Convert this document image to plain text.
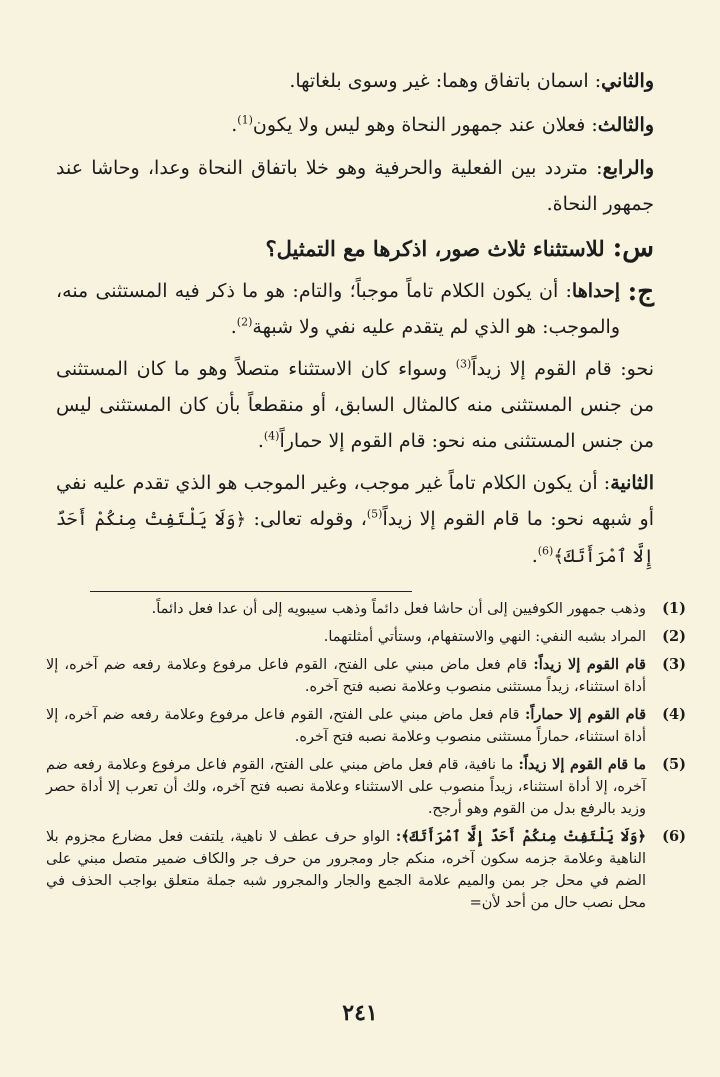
والثاني: اسمان باتفاق وهما: غير وسوى بلغاتها.

والثالث: فعلان عند جمهور النحاة وهو ليس ولا يكون$^{(1)}$.

والرابع: متردد بين الفعلية والحرفية وهو خلا باتفاق النحاة وعدا، وحاشا عند جمهور النحاة.

س:للاستثناء ثلاث صور، اذكرها مع التمثيل؟

ج:

إحداها: أن يكون الكلام تاماً موجباً؛ والتام: هو ما ذكر فيه المستثنى منه، والموجب: هو الذي لم يتقدم عليه نفي ولا شبهة$^{(2)}$.

نحو: قام القوم إلا زيداً$^{(3)}$ وسواء كان الاستثناء متصلاً وهو ما كان المستثنى من جنس المستثنى منه كالمثال السابق، أو منقطعاً بأن كان المستثنى ليس من جنس المستثنى منه نحو: قام القوم إلا حماراً$^{(4)}$.

الثانية: أن يكون الكلام تاماً غير موجب، وغير الموجب هو الذي تقدم عليه نفي أو شبهه نحو: ما قام القوم إلا زيداً$^{(5)}$، وقوله تعالى: ﴿وَلَا يَلْتَفِتْ مِنكُمْ أَحَدٌ إِلَّا ٱمْرَأَتَكَ﴾$^{(6)}$.

(1)
وذهب جمهور الكوفيين إلى أن حاشا فعل دائماً وذهب سيبويه إلى أن عدا فعل دائماً.
(2)
المراد بشبه النفي: النهي والاستفهام، وستأتي أمثلتهما.
(3)
قام القوم إلا زيداً: قام فعل ماض مبني على الفتح، القوم فاعل مرفوع وعلامة رفعه ضم آخره، إلا أداة استثناء، زيداً مستثنى منصوب وعلامة نصبه فتح آخره.
(4)
قام القوم إلا حماراً: قام فعل ماض مبني على الفتح، القوم فاعل مرفوع وعلامة رفعه ضم آخره، إلا أداة استثناء، حماراً مستثنى منصوب وعلامة نصبه فتح آخره.
(5)
ما قام القوم إلا زيداً: ما نافية، قام فعل ماض مبني على الفتح، القوم فاعل مرفوع وعلامة رفعه ضم آخره، إلا أداة استثناء، زيداً منصوب على الاستثناء وعلامة نصبه فتح آخره، ولك أن تعرب إلا أداة حصر وزيد بالرفع بدل من القوم وهو أرجح.
(6)
﴿وَلَا يَلْتَفِتْ مِنكُمْ أَحَدٌ إِلَّا ٱمْرَأَتَكَ﴾: الواو حرف عطف لا ناهية، يلتفت فعل مضارع مجزوم بلا الناهية وعلامة جزمه سكون آخره، منكم جار ومجرور من حرف جر والكاف ضمير متصل مبني على الضم في محل جر بمن والميم علامة الجمع والجار والمجرور شبه جملة متعلق بواجب الحذف في محل نصب حال من أحد لأن=
٢٤١
